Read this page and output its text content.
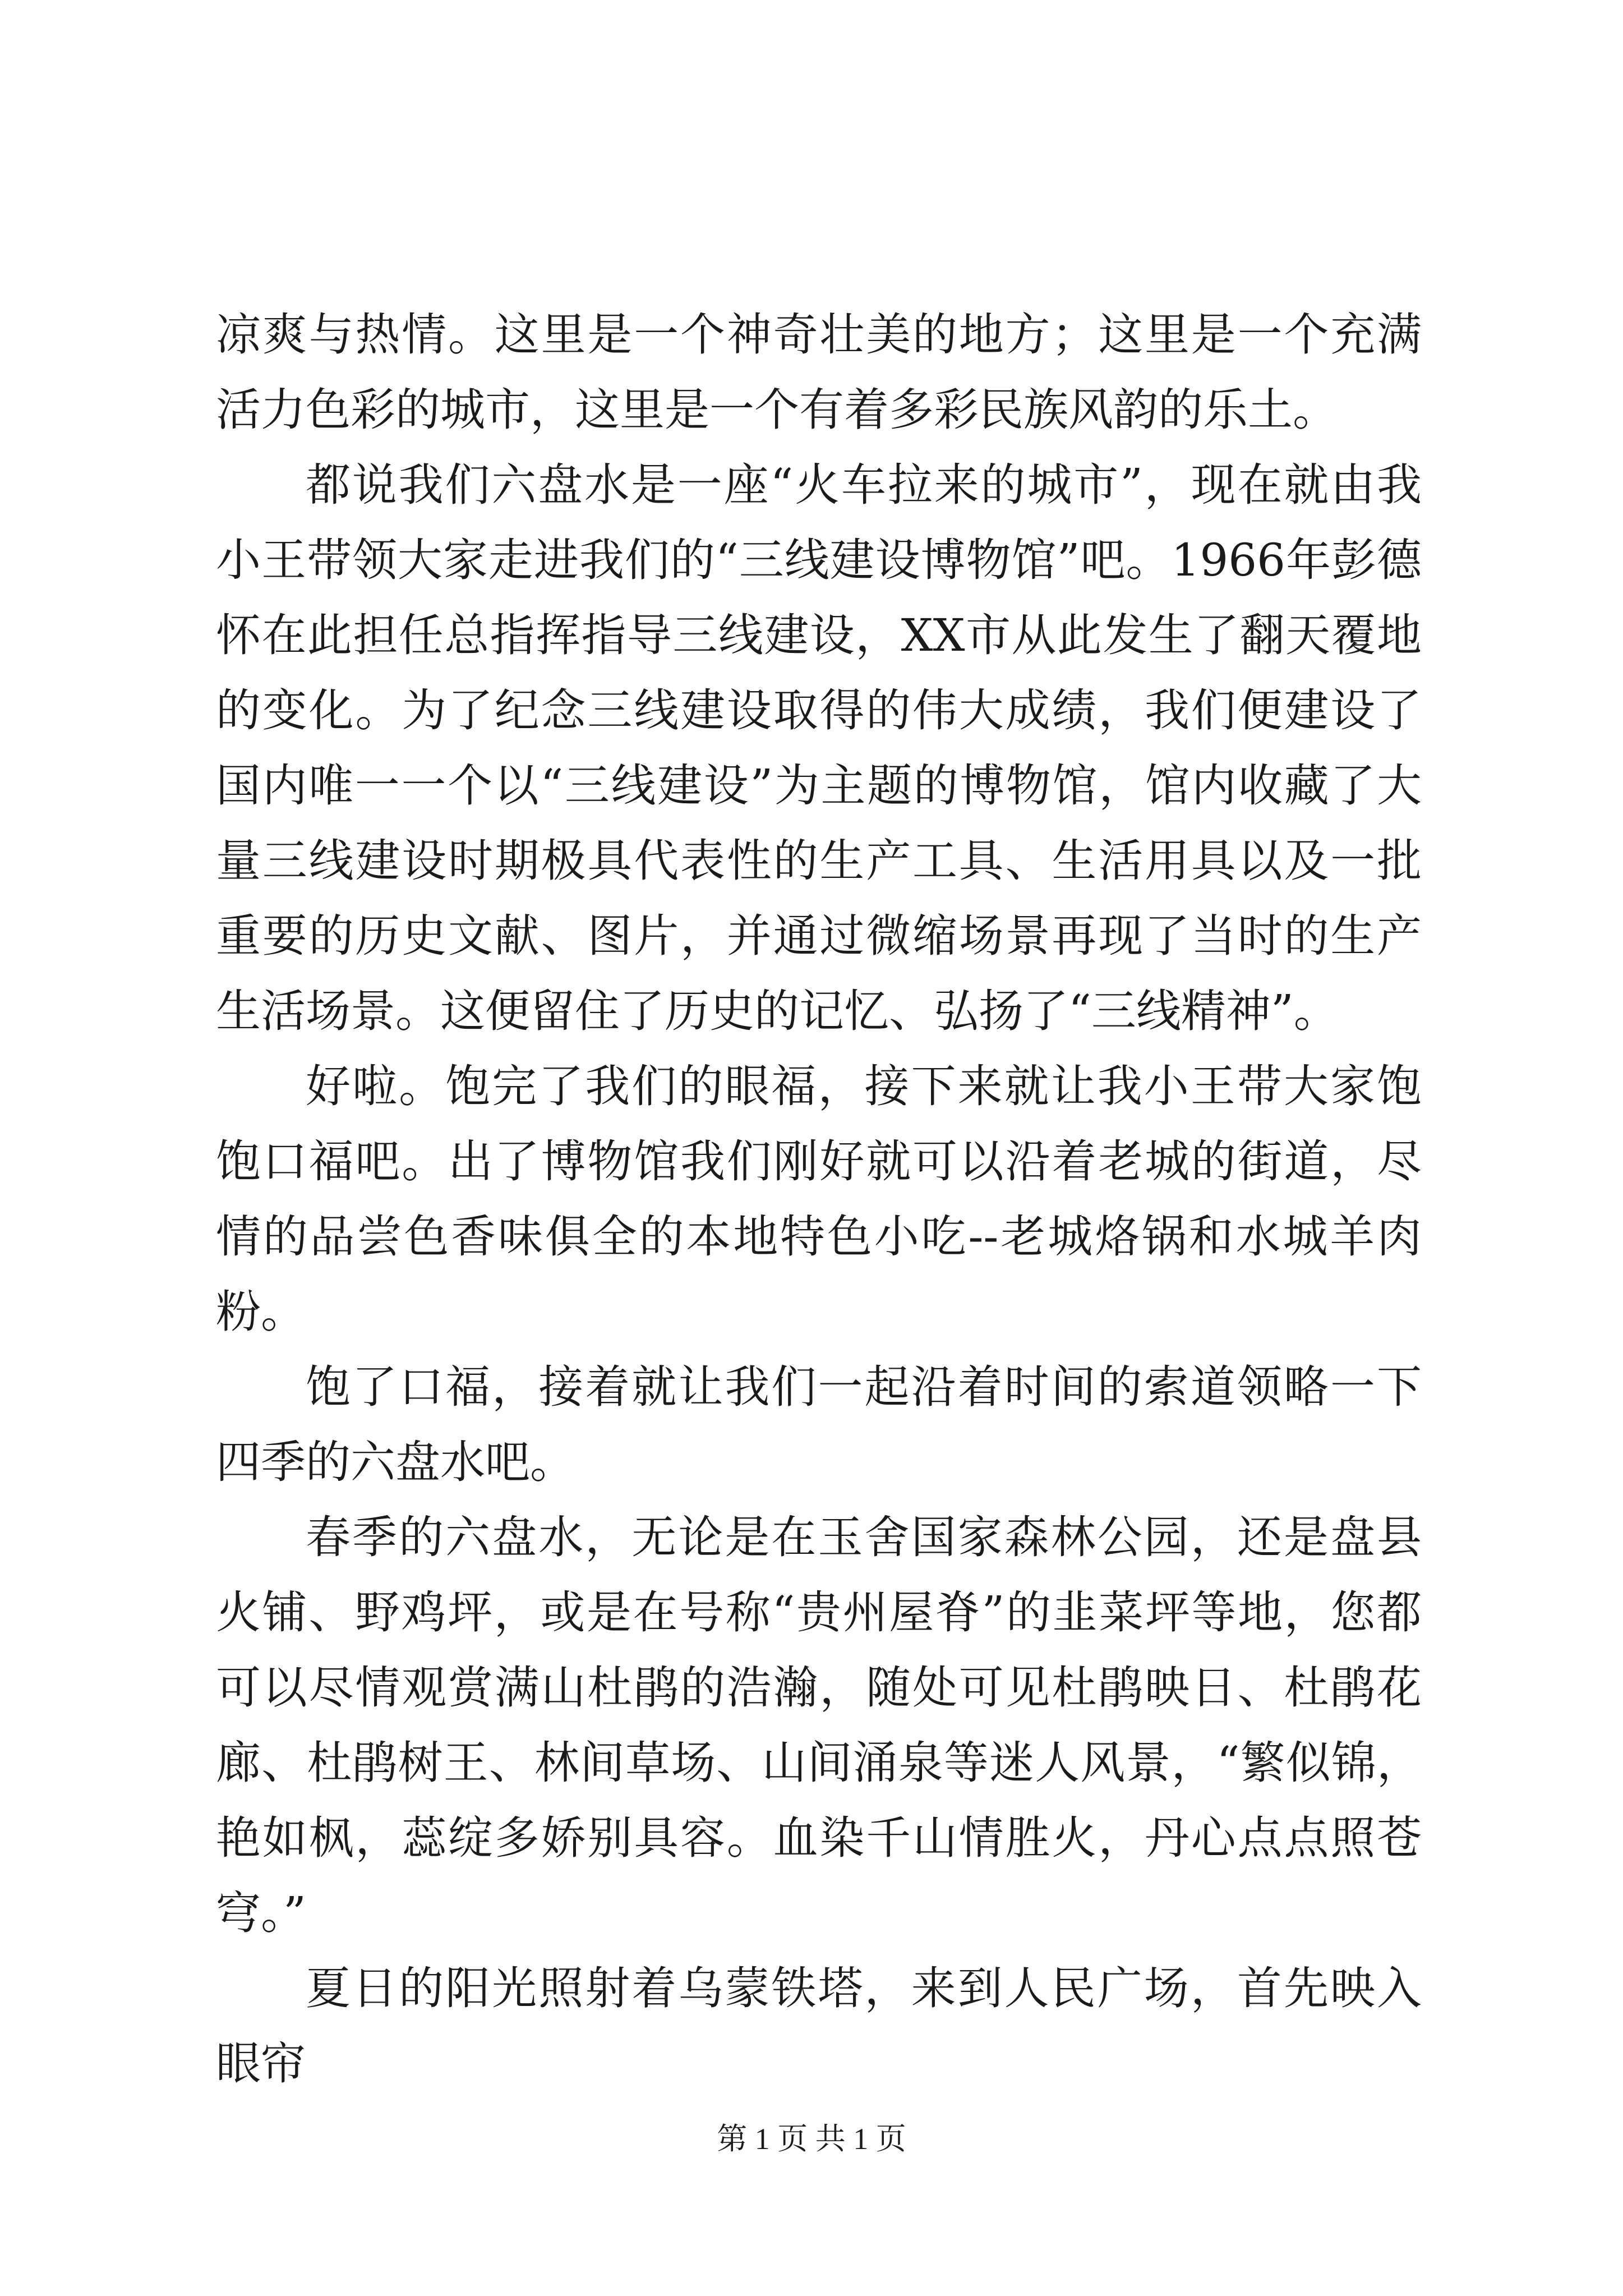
凉爽与热情。这里是一个神奇壮美的地方；这里是一个充满活力色彩的城市，这里是一个有着多彩民族风韵的乐土。

都说我们六盘水是一座“火车拉来的城市”，现在就由我小王带领大家走进我们的“三线建设博物馆”吧。1966年彭德怀在此担任总指挥指导三线建设，XX市从此发生了翻天覆地的变化。为了纪念三线建设取得的伟大成绩，我们便建设了国内唯一一个以“三线建设”为主题的博物馆，馆内收藏了大量三线建设时期极具代表性的生产工具、生活用具以及一批重要的历史文献、图片，并通过微缩场景再现了当时的生产生活场景。这便留住了历史的记忆、弘扬了“三线精神”。

好啦。饱完了我们的眼福，接下来就让我小王带大家饱饱口福吧。出了博物馆我们刚好就可以沿着老城的街道，尽情的品尝色香味俱全的本地特色小吃--老城烙锅和水城羊肉粉。

饱了口福，接着就让我们一起沿着时间的索道领略一下四季的六盘水吧。

春季的六盘水，无论是在玉舍国家森林公园，还是盘县火铺、野鸡坪，或是在号称“贵州屋脊”的韭菜坪等地，您都可以尽情观赏满山杜鹃的浩瀚，随处可见杜鹃映日、杜鹃花廊、杜鹃树王、林间草场、山间涌泉等迷人风景，“繁似锦，艳如枫，蕊绽多娇别具容。血染千山情胜火，丹心点点照苍穹。”

夏日的阳光照射着乌蒙铁塔，来到人民广场，首先映入眼帘

第 1 页 共 1 页
